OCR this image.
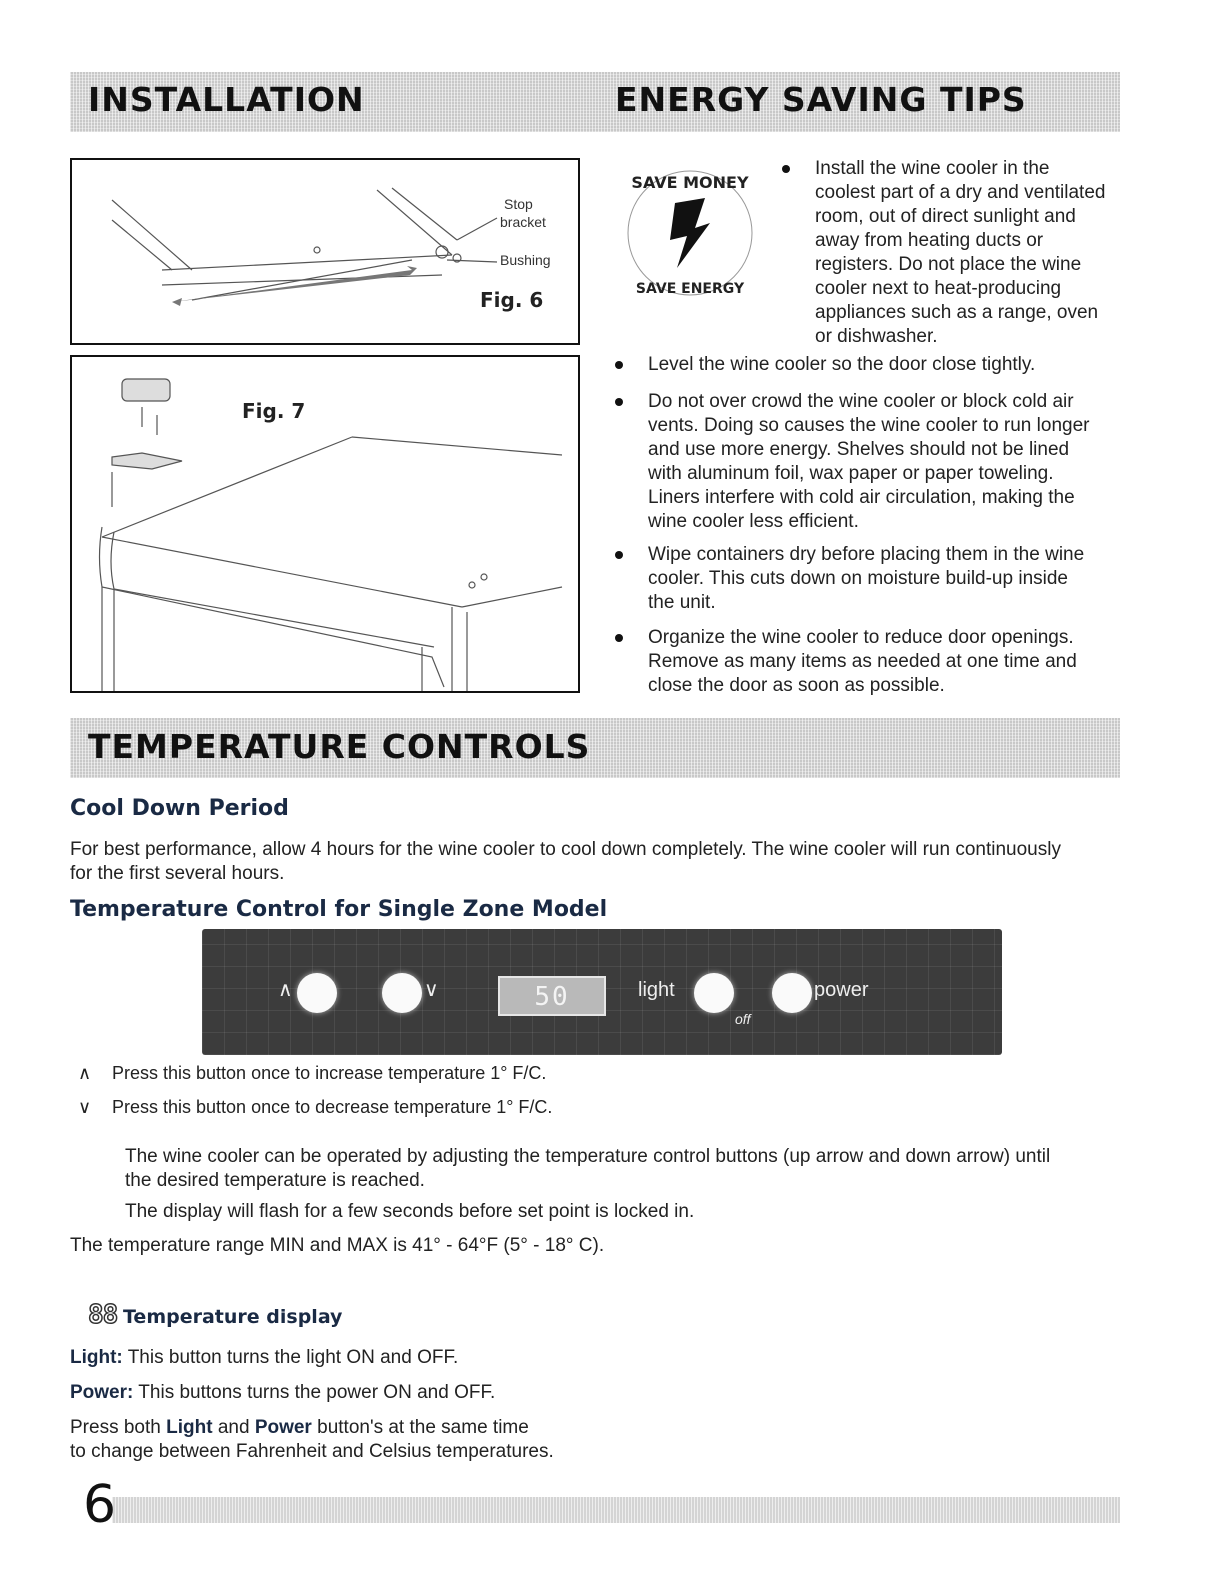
INSTALLATION	ENERGY SAVING TIPS
Stop
bracket
Bushing
Fig. 6
Fig. 7
SAVE MONEY
SAVE ENERGY
Install the wine cooler in the
coolest part of a dry and ventilated
room, out of direct sunlight and
away from heating ducts or
registers. Do not place the wine
cooler next to heat-producing
appliances such as a range, oven
or dishwasher.
Level the wine cooler so the door close tightly.
Do not over crowd the wine cooler or block cold air
vents. Doing so causes the wine cooler to run longer
and use more energy. Shelves should not be lined
with aluminum foil, wax paper or paper toweling.
Liners interfere with cold air circulation, making the
wine cooler less efficient.
Wipe containers dry before placing them in the wine
cooler. This cuts down on moisture build-up inside
the unit.
Organize the wine cooler to reduce door openings.
Remove as many items as needed at one time and
close the door as soon as possible.
TEMPERATURE CONTROLS
Cool Down Period
For best performance, allow 4 hours for the wine cooler to cool down completely. The wine cooler will run continuously
for the first several hours.
Temperature Control for Single Zone Model
∧	∨	50	light	power
off
∧ Press this button once to increase temperature 1° F/C.
∨ Press this button once to decrease temperature 1° F/C.
The wine cooler can be operated by adjusting the temperature control buttons (up arrow and down arrow) until
the desired temperature is reached.
The display will flash for a few seconds before set point is locked in.
The temperature range MIN and MAX is 41° - 64°F (5° - 18° C).
88 Temperature display
Light: This button turns the light ON and OFF.
Power: This buttons turns the power ON and OFF.
Press both Light and Power button's at the same time
to change between Fahrenheit and Celsius temperatures.
6
